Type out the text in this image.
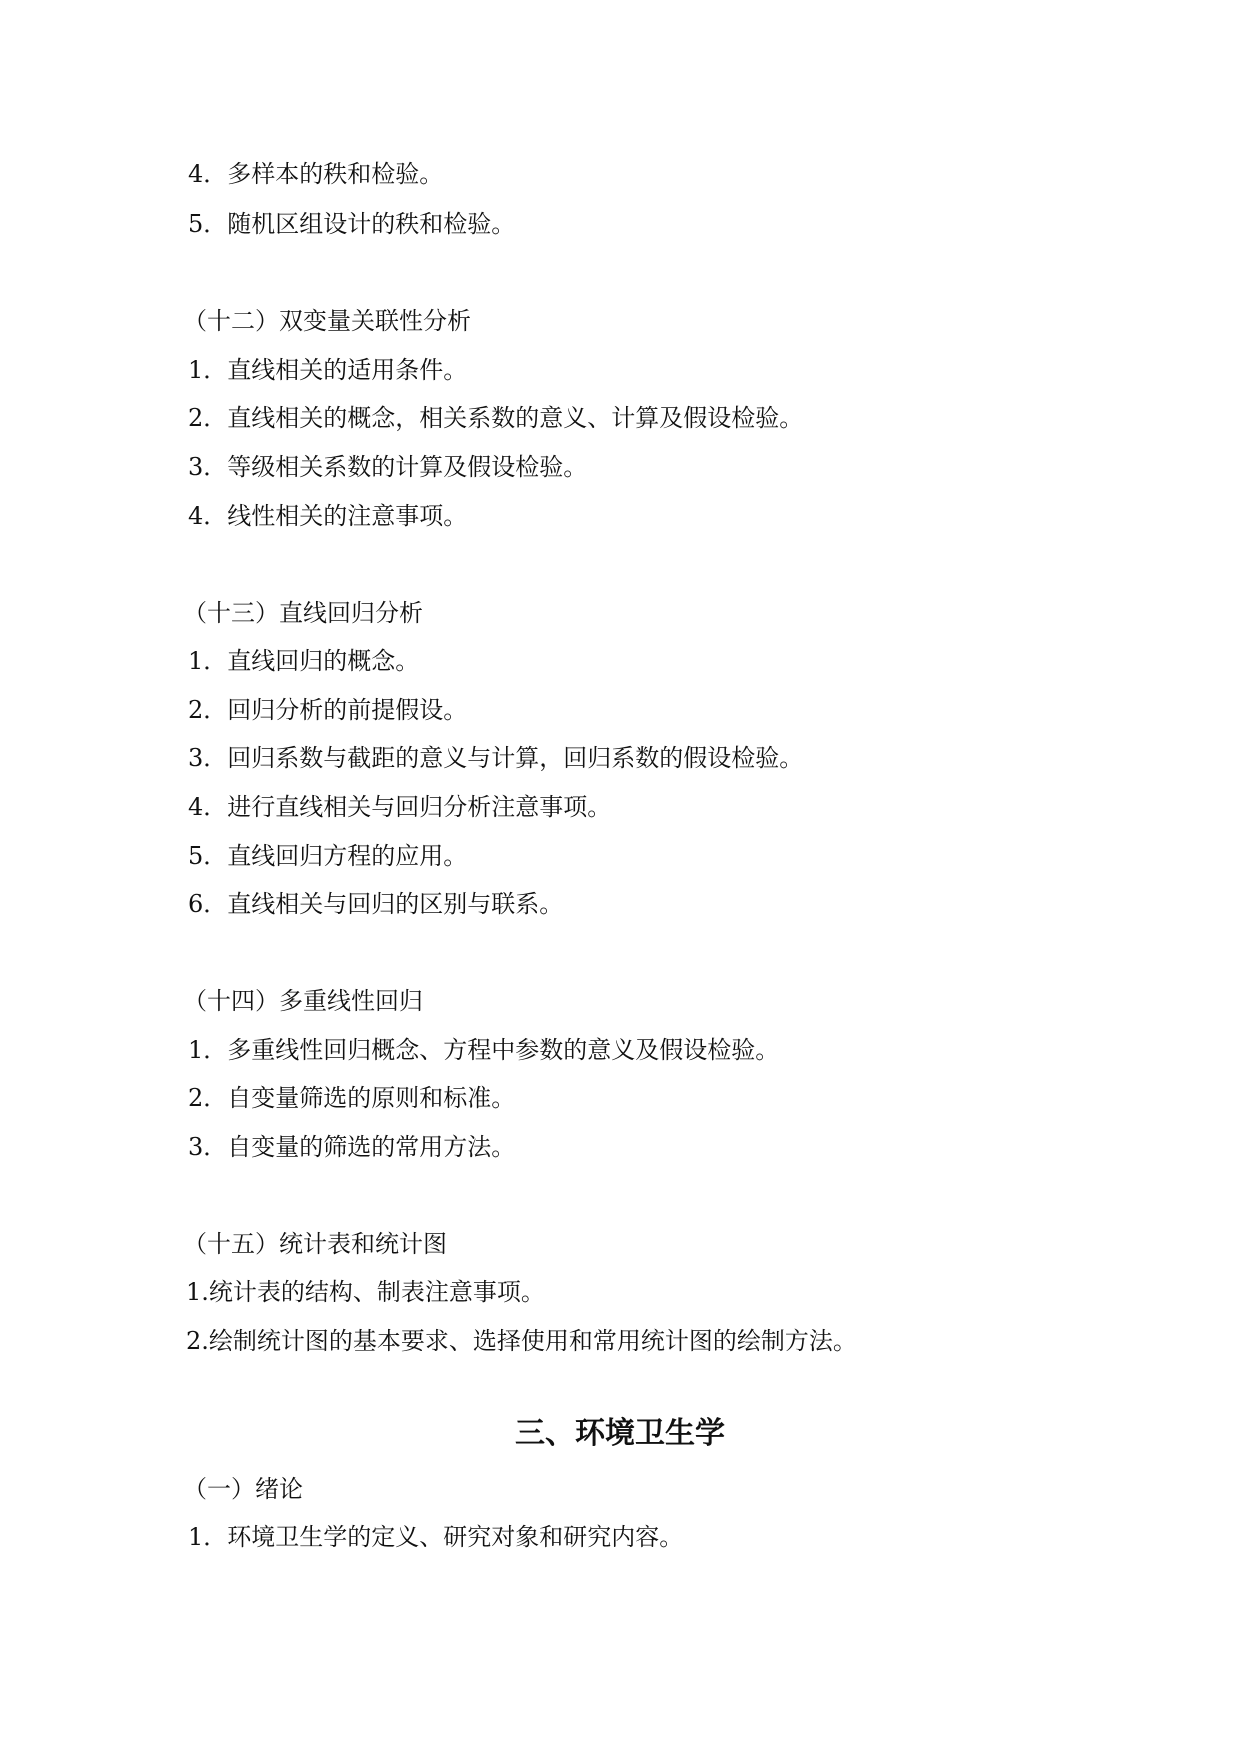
4．多样本的秩和检验。
5．随机区组设计的秩和检验。
（十二）双变量关联性分析
1．直线相关的适用条件。
2．直线相关的概念，相关系数的意义、计算及假设检验。
3．等级相关系数的计算及假设检验。
4．线性相关的注意事项。
（十三）直线回归分析
1．直线回归的概念。
2．回归分析的前提假设。
3．回归系数与截距的意义与计算，回归系数的假设检验。
4．进行直线相关与回归分析注意事项。
5．直线回归方程的应用。
6．直线相关与回归的区别与联系。
（十四）多重线性回归
1．多重线性回归概念、方程中参数的意义及假设检验。
2．自变量筛选的原则和标准。
3．自变量的筛选的常用方法。
（十五）统计表和统计图
1.统计表的结构、制表注意事项。
2.绘制统计图的基本要求、选择使用和常用统计图的绘制方法。
三、环境卫生学
（一）绪论
1．环境卫生学的定义、研究对象和研究内容。
